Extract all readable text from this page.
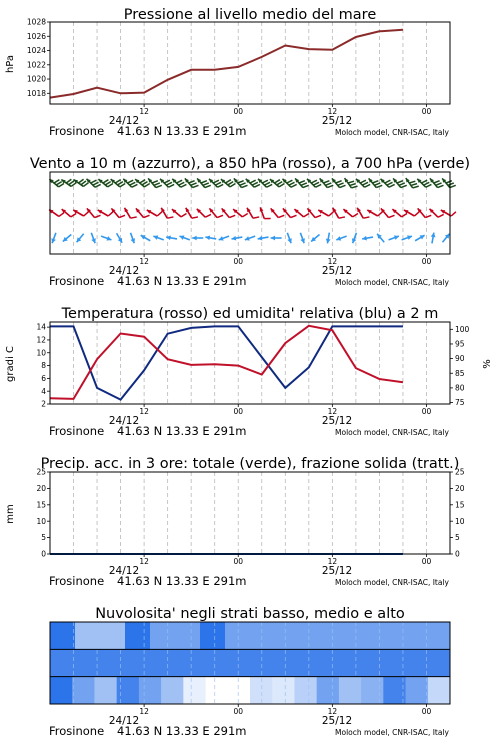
Pressione al livello medio del mare
1018
1020
1022
1024
1026
1028
hPa
12	00	12	00
24/12	25/12
Frosinone 41.63 N 13.33 E 291m	Moloch model, CNR-ISAC, Italy
Vento a 10 m (azzurro), a 850 hPa (rosso), a 700 hPa (verde)
12	00	12	00
24/12	25/12
Frosinone 41.63 N 13.33 E 291m	Moloch model, CNR-ISAC, Italy
Temperatura (rosso) ed umidita' relativa (blu) a 2 m
2
4
6
8
10
12
14
75
80
85
90
95
100
gradi C	%
12	00	12	00
24/12	25/12
Frosinone 41.63 N 13.33 E 291m	Moloch model, CNR-ISAC, Italy
Precip. acc. in 3 ore: totale (verde), frazione solida (tratt.)
0
5
10
15
20
25
0
5
10
15
20
25
mm
12	00	12	00
24/12	25/12
Frosinone 41.63 N 13.33 E 291m	Moloch model, CNR-ISAC, Italy
Nuvolosita' negli strati basso, medio e alto
12	00	12	00
24/12	25/12
Frosinone 41.63 N 13.33 E 291m	Moloch model, CNR-ISAC, Italy
